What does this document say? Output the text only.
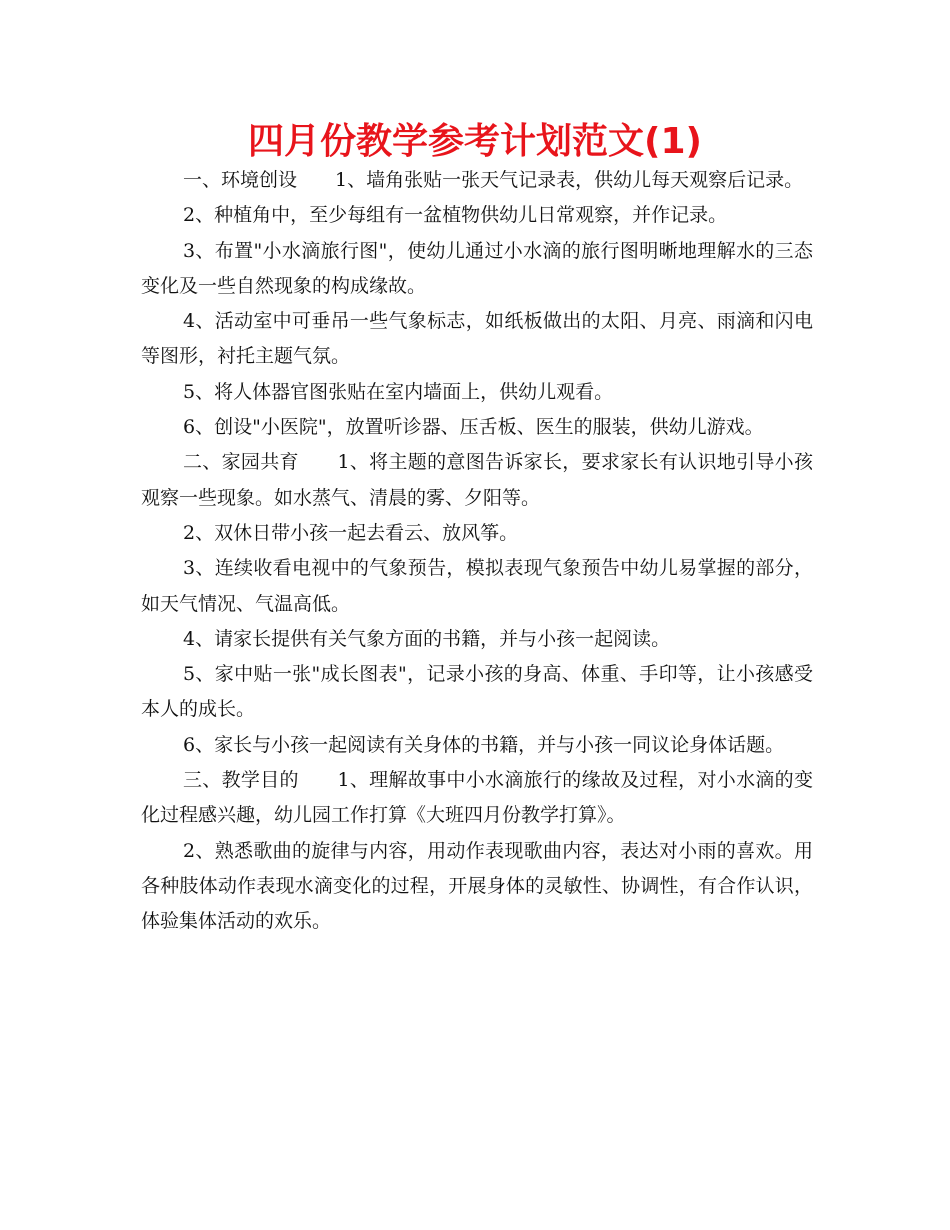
四月份教学参考计划范文(1)

一、环境创设　　1、墙角张贴一张天气记录表，供幼儿每天观察后记录。

2、种植角中，至少每组有一盆植物供幼儿日常观察，并作记录。

3、布置"小水滴旅行图"，使幼儿通过小水滴的旅行图明晰地理解水的三态变化及一些自然现象的构成缘故。

4、活动室中可垂吊一些气象标志，如纸板做出的太阳、月亮、雨滴和闪电等图形，衬托主题气氛。

5、将人体器官图张贴在室内墙面上，供幼儿观看。

6、创设"小医院"，放置听诊器、压舌板、医生的服装，供幼儿游戏。

二、家园共育　　1、将主题的意图告诉家长，要求家长有认识地引导小孩观察一些现象。如水蒸气、清晨的雾、夕阳等。

2、双休日带小孩一起去看云、放风筝。

3、连续收看电视中的气象预告，模拟表现气象预告中幼儿易掌握的部分，如天气情况、气温高低。

4、请家长提供有关气象方面的书籍，并与小孩一起阅读。

5、家中贴一张"成长图表"，记录小孩的身高、体重、手印等，让小孩感受本人的成长。

6、家长与小孩一起阅读有关身体的书籍，并与小孩一同议论身体话题。

三、教学目的　　1、理解故事中小水滴旅行的缘故及过程，对小水滴的变化过程感兴趣，幼儿园工作打算《大班四月份教学打算》。

2、熟悉歌曲的旋律与内容，用动作表现歌曲内容，表达对小雨的喜欢。用各种肢体动作表现水滴变化的过程，开展身体的灵敏性、协调性，有合作认识，体验集体活动的欢乐。
